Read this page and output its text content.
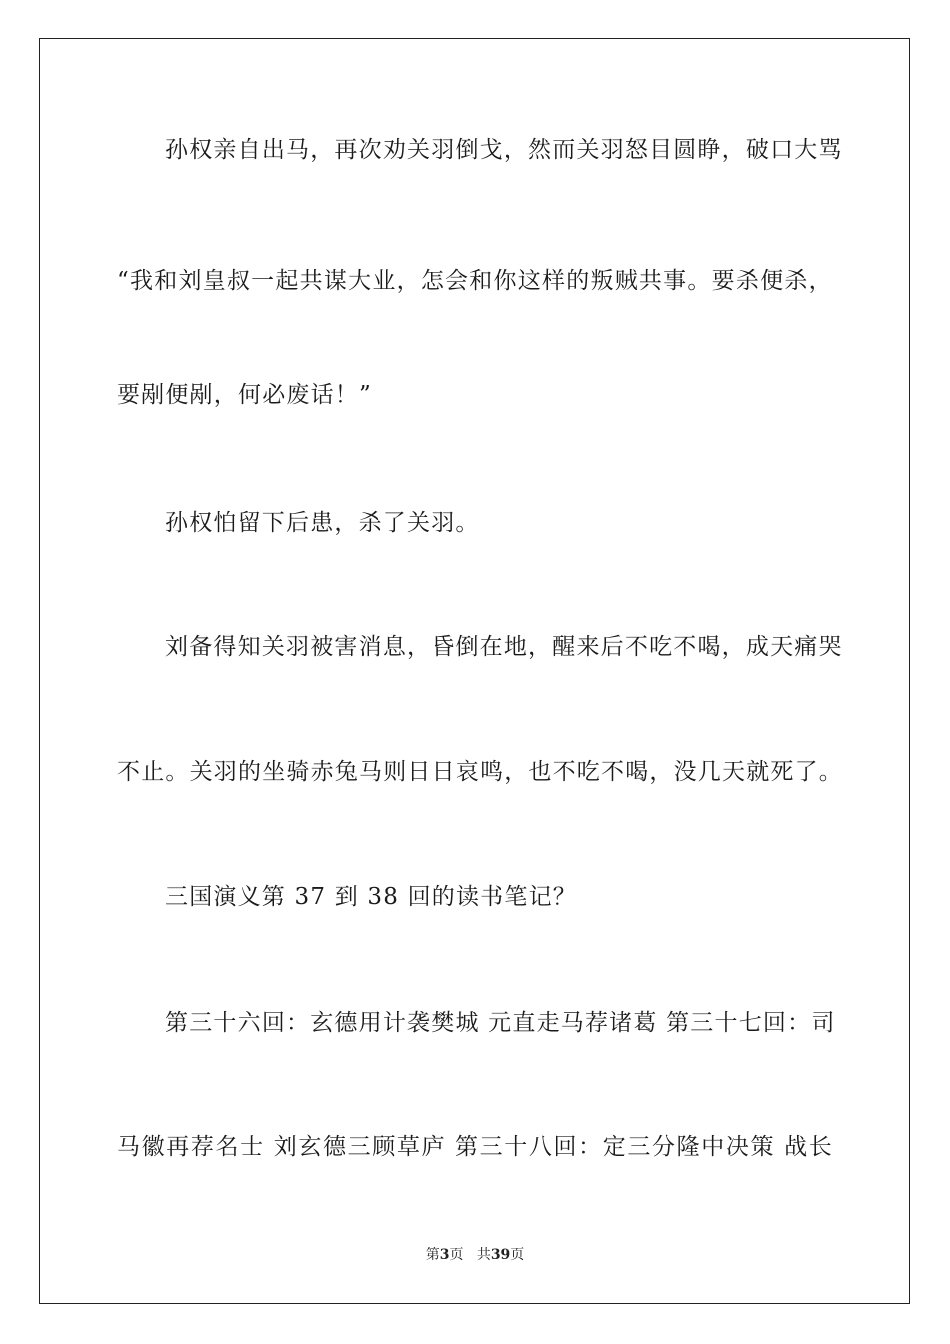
孙 权 亲 自 出 马 ， 再 次 劝 关 羽 倒 戈 ， 然 而 关 羽 怒 目 圆 睁 ， 破 口 大 骂
“ 我 和 刘 皇 叔 一 起 共 谋 大 业 ， 怎 会 和 你 这 样 的 叛 贼 共 事 。 要 杀 便 杀 ，
要剐便剐，何必废话！”
孙权怕留下后患，杀了关羽。
刘 备 得 知 关 羽 被 害 消 息 ， 昏 倒 在 地 ， 醒 来 后 不 吃 不 喝 ， 成 天 痛 哭
不止。关羽的坐骑赤兔马则日日哀鸣，也不吃不喝，没几天就死了。
三国演义第 37 到 38 回的读书笔记？
第 三 十 六 回 ： 玄 德 用 计 袭 樊 城
元 直 走 马 荐 诸 葛
第 三 十 七 回 ： 司
马 徽 再 荐 名 士
刘 玄 德 三 顾 草 庐
第 三 十 八 回 ： 定 三 分 隆 中 决 策
战 长
第3页 共39页
